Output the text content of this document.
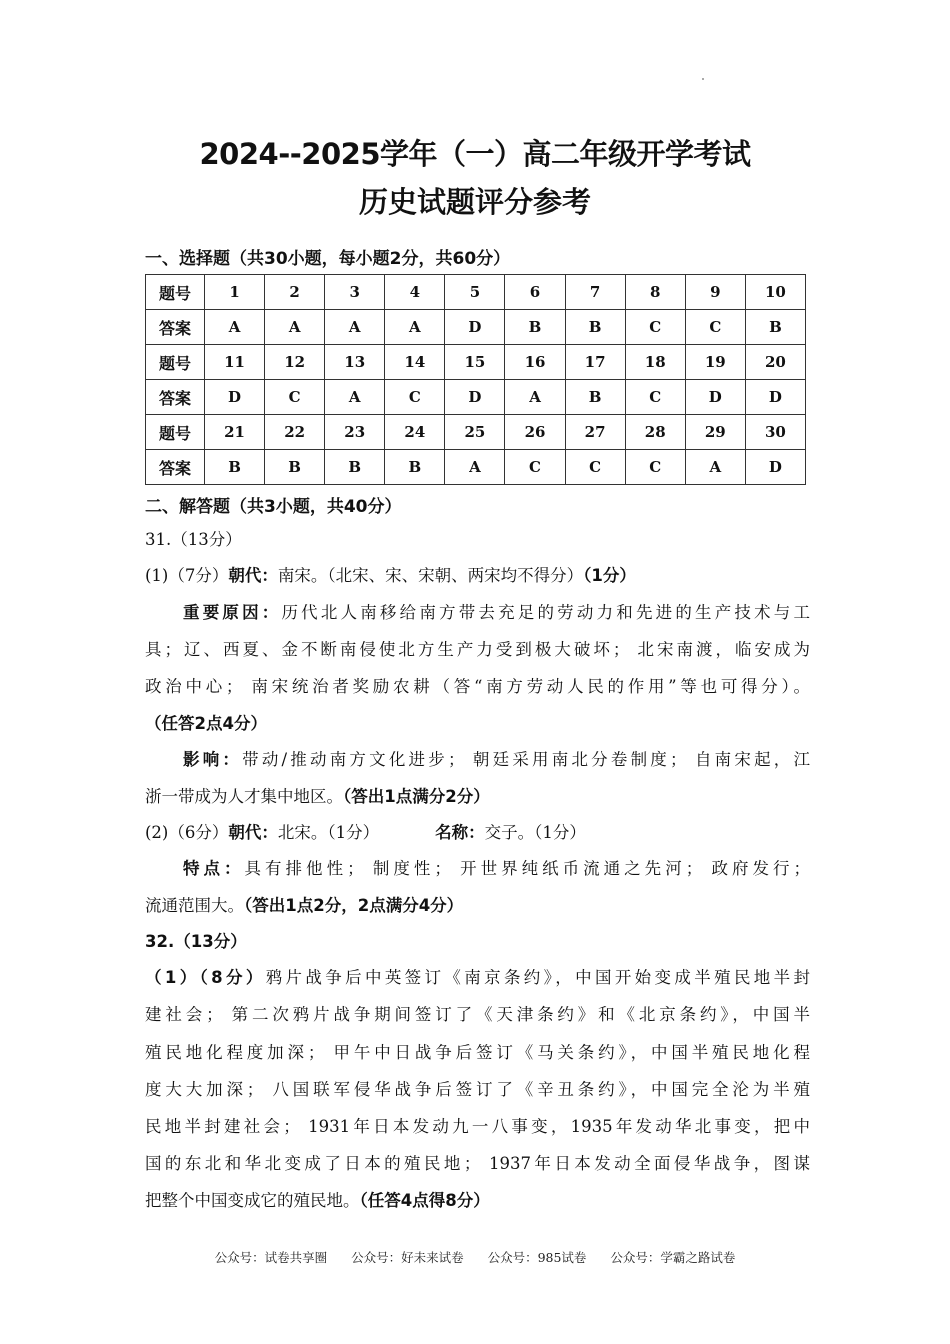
2024--2025学年（一）高二年级开学考试
历史试题评分参考
一、选择题（共30小题，每小题2分，共60分）
题号	1	2	3	4	5	6	7	8	9	10
答案	A	A	A	A	D	B	B	C	C	B
题号	11	12	13	14	15	16	17	18	19	20
答案	D	C	A	C	D	A	B	C	D	D
题号	21	22	23	24	25	26	27	28	29	30
答案	B	B	B	B	A	C	C	C	A	D
二、解答题（共3小题，共40分）
31.（13分）
(1)（7分）朝代：南宋。（北宋、宋、宋朝、两宋均不得分）（1分）
重要原因：历代北人南移给南方带去充足的劳动力和先进的生产技术与工
具；辽、西夏、金不断南侵使北方生产力受到极大破坏； 北宋南渡，临安成为
政治中心； 南宋统治者奖励农耕（答“南方劳动人民的作用”等也可得分）。
（任答2点4分）
影响：带动/推动南方文化进步； 朝廷采用南北分卷制度； 自南宋起，江
浙一带成为人才集中地区。（答出1点满分2分）
(2)（6分）朝代：北宋。（1分）	名称：交子。（1分）
特点：具有排他性； 制度性； 开世界纯纸币流通之先河； 政府发行；
流通范围大。（答出1点2分，2点满分4分）
32.（13分）
（1）（8分）鸦片战争后中英签订《南京条约》，中国开始变成半殖民地半封
建社会； 第二次鸦片战争期间签订了《天津条约》和《北京条约》，中国半
殖民地化程度加深； 甲午中日战争后签订《马关条约》，中国半殖民地化程
度大大加深； 八国联军侵华战争后签订了《辛丑条约》，中国完全沦为半殖
民地半封建社会； 1931年日本发动九一八事变，1935年发动华北事变，把中
国的东北和华北变成了日本的殖民地； 1937年日本发动全面侵华战争，图谋
把整个中国变成它的殖民地。（任答4点得8分）
公众号：试卷共享圈 公众号：好未来试卷 公众号：985试卷 公众号：学霸之路试卷
